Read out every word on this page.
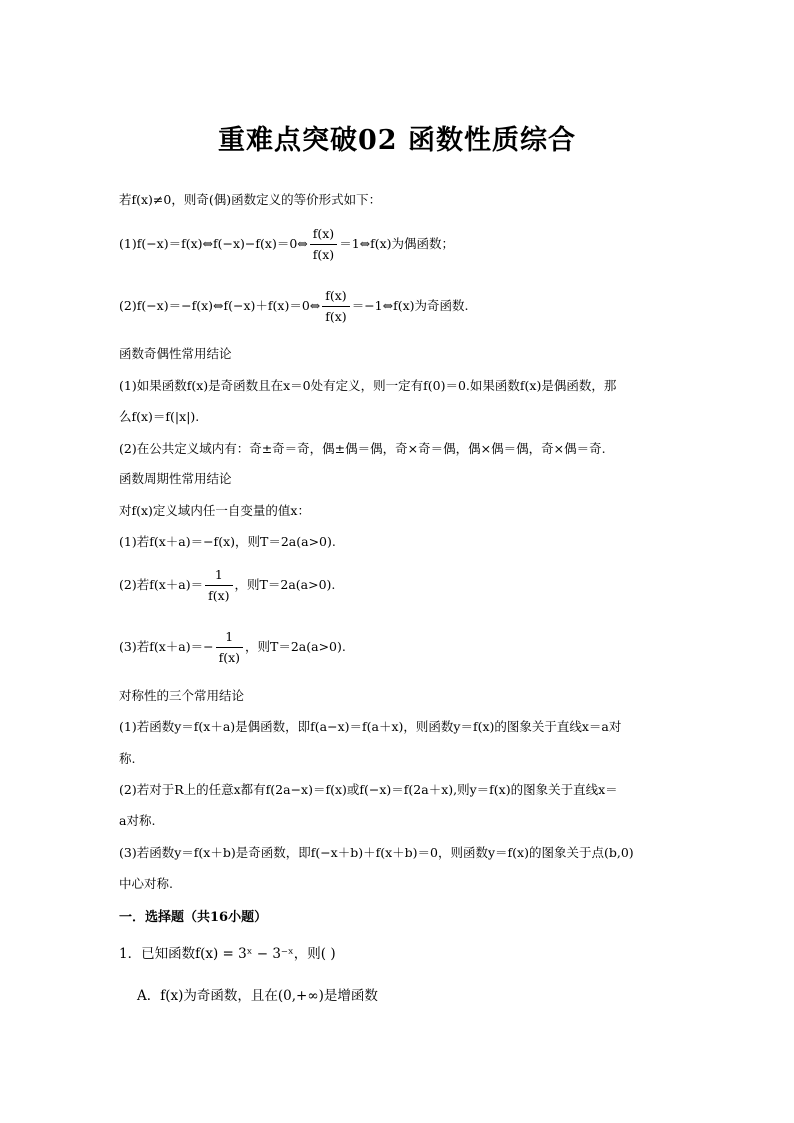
重难点突破02 函数性质综合
若f(x)≠0，则奇(偶)函数定义的等价形式如下：
(1)f(−x)＝f(x)⇔f(−x)−f(x)＝0⇔ $\frac{f(x)}{f(x)}$ ＝1⇔f(x)为偶函数；
(2)f(−x)＝−f(x)⇔f(−x)＋f(x)＝0⇔ $\frac{f(x)}{f(x)}$ ＝−1⇔f(x)为奇函数.
函数奇偶性常用结论
(1)如果函数f(x)是奇函数且在x＝0处有定义，则一定有f(0)＝0.如果函数f(x)是偶函数，那
么f(x)＝f(|x|).
(2)在公共定义域内有：奇±奇＝奇，偶±偶＝偶，奇×奇＝偶，偶×偶＝偶，奇×偶＝奇.
函数周期性常用结论
对f(x)定义域内任一自变量的值x：
(1)若f(x＋a)＝−f(x)，则T＝2a(a>0).
(2)若$f(x+a)= \frac{1}{f(x)}$ ，则T＝2a(a>0).
(3)若$f(x+a)=- \frac{1}{f(x)}$ ，则T＝2a(a>0).
对称性的三个常用结论
(1)若函数y＝f(x＋a)是偶函数，即f(a−x)＝f(a＋x)，则函数y＝f(x)的图象关于直线x＝a对
称.
(2)若对于R上的任意x都有f(2a−x)＝f(x)或f(−x)＝f(2a＋x),则y＝f(x)的图象关于直线x＝
a对称.
(3)若函数y＝f(x＋b)是奇函数，即f(−x＋b)＋f(x＋b)＝0，则函数y＝f(x)的图象关于点(b,0)
中心对称.
一．选择题（共16小题）
1．已知函数f(x) = 3ˣ − 3⁻ˣ，则( )
A．f(x)为奇函数，且在(0,+∞)是增函数
